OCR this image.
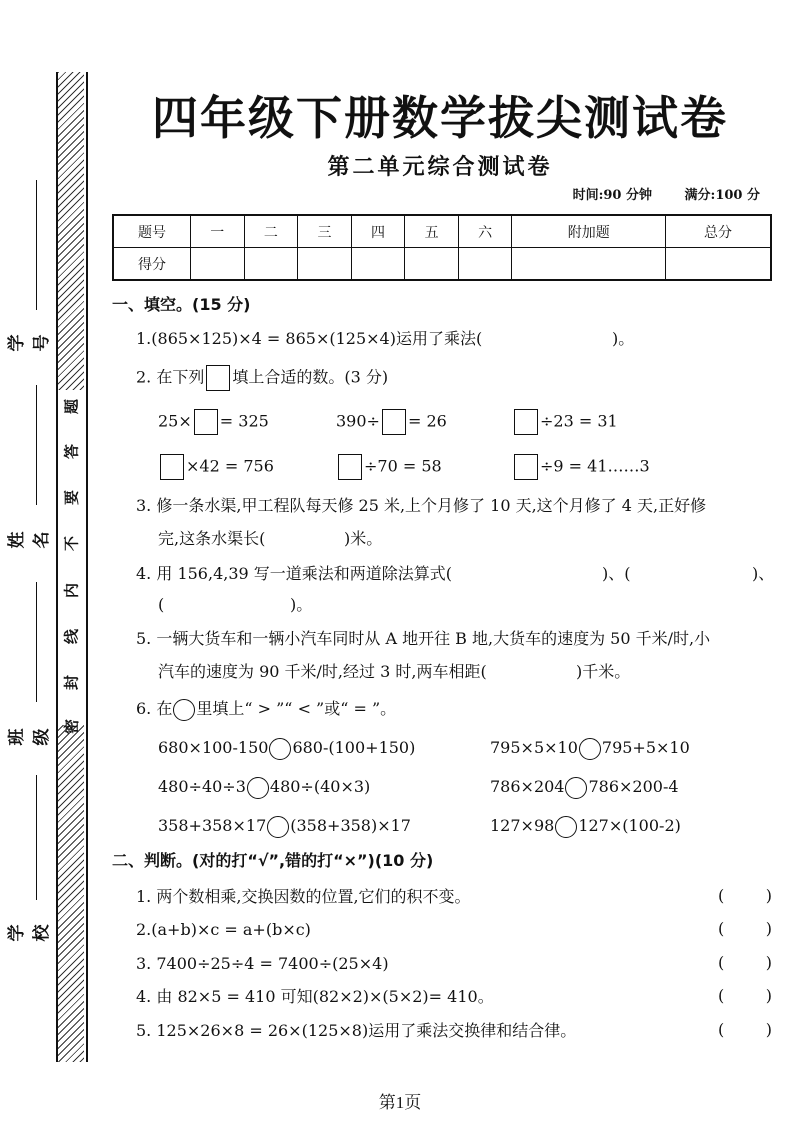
题
答
要
不
内
线
封
密
学号
姓名
班级
学校
四年级下册数学拔尖测试卷
第二单元综合测试卷
时间:90 分钟	满分:100 分
题号	一	二	三	四	五	六	附加题	总分
得分								
一、填空。(15 分)
1.(865×125)×4 = 865×(125×4)运用了乘法(	)。
2. 在下列 填上合适的数。(3 分)
25× = 325	390÷ = 26	÷23 = 31
×42 = 756	÷70 = 58	÷9 = 41……3
3. 修一条水渠,甲工程队每天修 25 米,上个月修了 10 天,这个月修了 4 天,正好修
完,这条水渠长(	)米。
4. 用 156,4,39 写一道乘法和两道除法算式(	)、(	)、
(	)。
5. 一辆大货车和一辆小汽车同时从 A 地开往 B 地,大货车的速度为 50 千米/时,小
汽车的速度为 90 千米/时,经过 3 时,两车相距(	)千米。
6. 在 里填上“ > ”“ < ”或“ = ”。
680×100-150 680-(100+150)	795×5×10 795+5×10
480÷40÷3 480÷(40×3)	786×204 786×200-4
358+358×17 (358+358)×17	127×98 127×(100-2)
二、判断。(对的打“√”,错的打“×”)(10 分)
1. 两个数相乘,交换因数的位置,它们的积不变。	(	)
2.(a+b)×c = a+(b×c)	(	)
3. 7400÷25÷4 = 7400÷(25×4)	(	)
4. 由 82×5 = 410 可知(82×2)×(5×2)= 410。	(	)
5. 125×26×8 = 26×(125×8)运用了乘法交换律和结合律。	(	)
第1页
